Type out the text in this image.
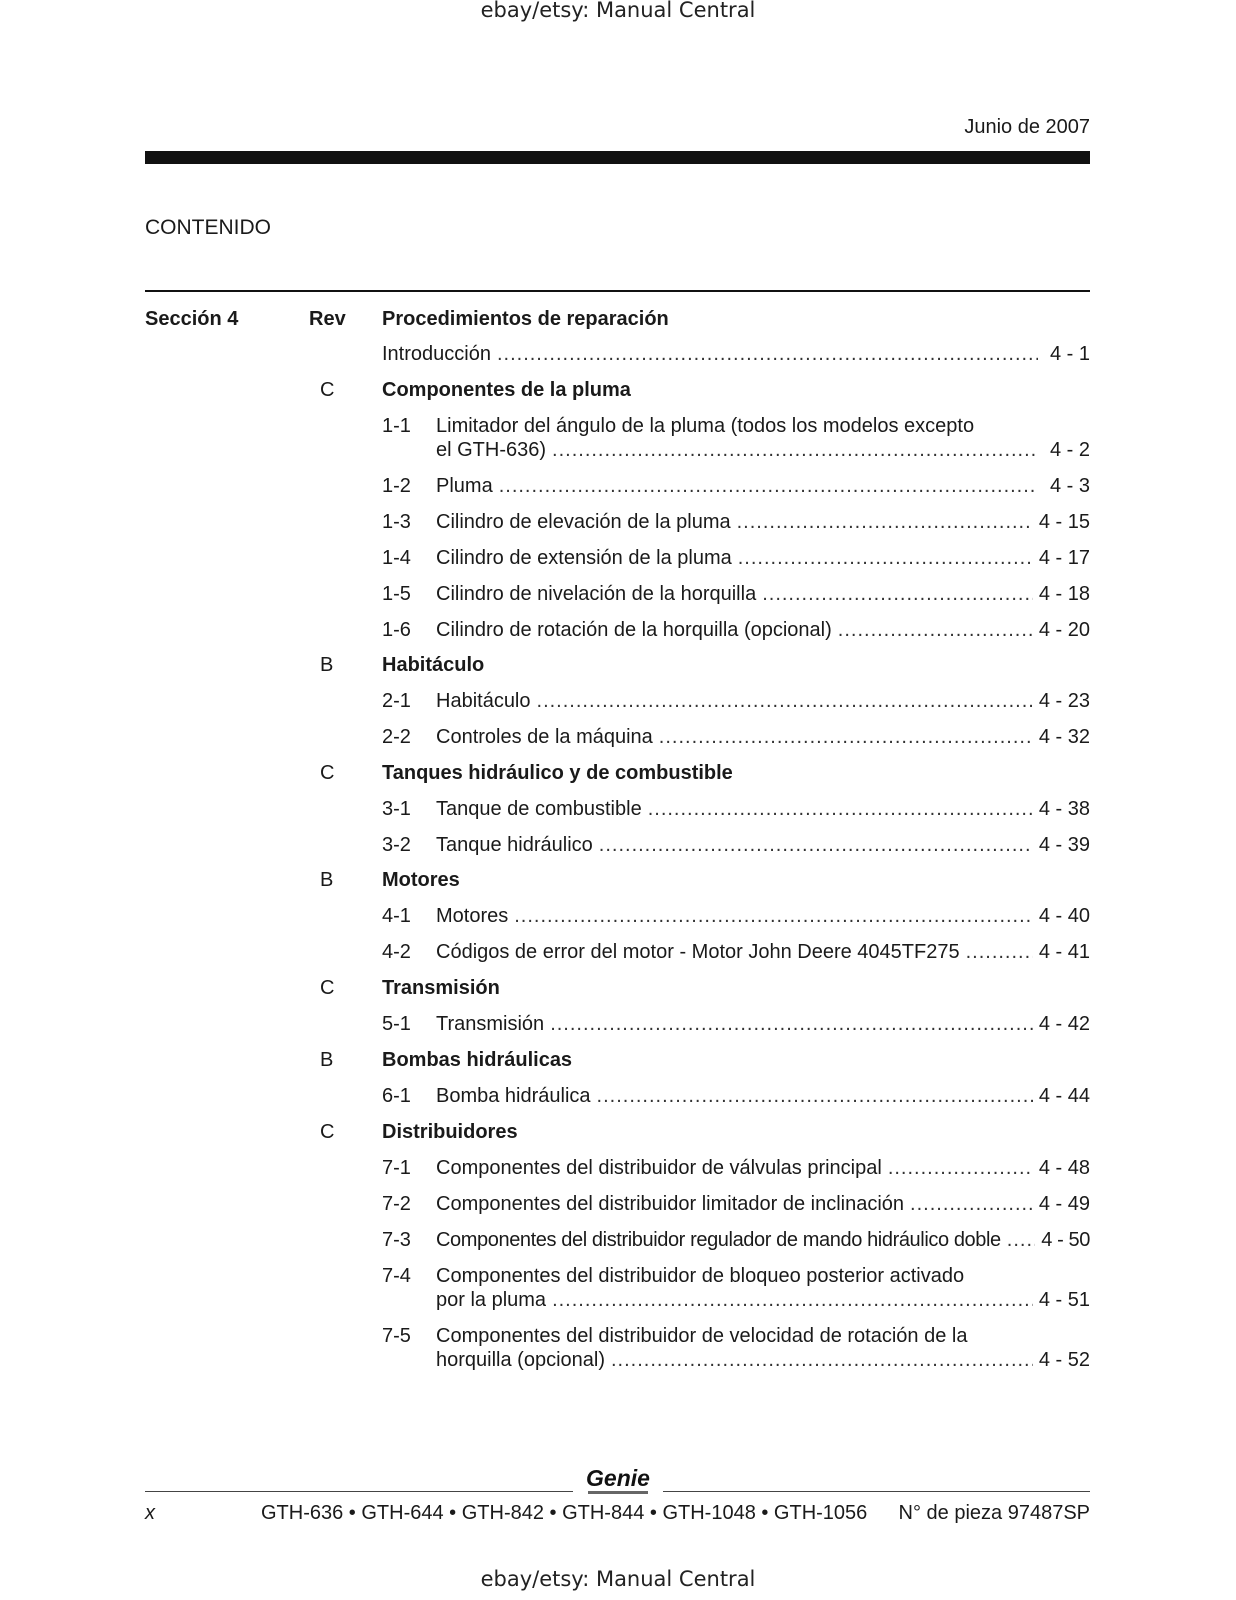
ebay/etsy: Manual Central
Junio de 2007
CONTENIDO
Sección 4	Rev Procedimientos de reparación
Introducción .....	4 - 1
C Componentes de la pluma
1-1 Limitador del ángulo de la pluma (todos los modelos excepto
el GTH-636) .....	4 - 2
1-2 Pluma .....	4 - 3
1-3 Cilindro de elevación de la pluma .....	4 - 15
1-4 Cilindro de extensión de la pluma .....	4 - 17
1-5 Cilindro de nivelación de la horquilla .....	4 - 18
1-6 Cilindro de rotación de la horquilla (opcional) .....	4 - 20
B Habitáculo
2-1 Habitáculo .....	4 - 23
2-2 Controles de la máquina .....	4 - 32
C Tanques hidráulico y de combustible
3-1 Tanque de combustible .....	4 - 38
3-2 Tanque hidráulico .....	4 - 39
B Motores
4-1 Motores .....	4 - 40
4-2 Códigos de error del motor - Motor John Deere 4045TF275 .....	4 - 41
C Transmisión
5-1 Transmisión .....	4 - 42
B Bombas hidráulicas
6-1 Bomba hidráulica .....	4 - 44
C Distribuidores
7-1 Componentes del distribuidor de válvulas principal .....	4 - 48
7-2 Componentes del distribuidor limitador de inclinación .....	4 - 49
7-3 Componentes del distribuidor regulador de mando hidráulico doble ..... 4 - 50
7-4 Componentes del distribuidor de bloqueo posterior activado
por la pluma .....	4 - 51
7-5 Componentes del distribuidor de velocidad de rotación de la
horquilla (opcional) .....	4 - 52
Genie
x	GTH-636 • GTH-644 • GTH-842 • GTH-844 • GTH-1048 • GTH-1056 N° de pieza 97487SP
ebay/etsy: Manual Central
